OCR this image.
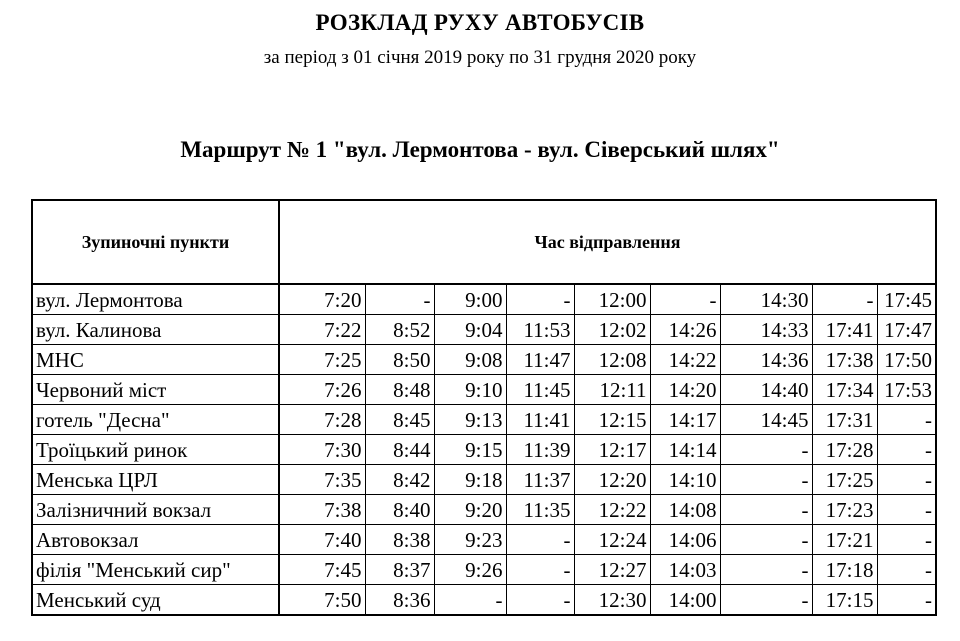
РОЗКЛАД РУХУ АВТОБУСІВ
за період з 01 січня 2019 року по 31 грудня 2020 року
Маршрут № 1 "вул. Лермонтова - вул. Сіверський шлях"
Зупиночні пункти	Час відправлення								
вул. Лермонтова	7:20	-	9:00	-	12:00	-	14:30	-	17:45
вул. Калинова	7:22	8:52	9:04	11:53	12:02	14:26	14:33	17:41	17:47
МНС	7:25	8:50	9:08	11:47	12:08	14:22	14:36	17:38	17:50
Червоний міст	7:26	8:48	9:10	11:45	12:11	14:20	14:40	17:34	17:53
готель "Десна"	7:28	8:45	9:13	11:41	12:15	14:17	14:45	17:31	-
Троїцький ринок	7:30	8:44	9:15	11:39	12:17	14:14	-	17:28	-
Менська ЦРЛ	7:35	8:42	9:18	11:37	12:20	14:10	-	17:25	-
Залізничний вокзал	7:38	8:40	9:20	11:35	12:22	14:08	-	17:23	-
Автовокзал	7:40	8:38	9:23	-	12:24	14:06	-	17:21	-
філія "Менський сир"	7:45	8:37	9:26	-	12:27	14:03	-	17:18	-
Менський суд	7:50	8:36	-	-	12:30	14:00	-	17:15	-
